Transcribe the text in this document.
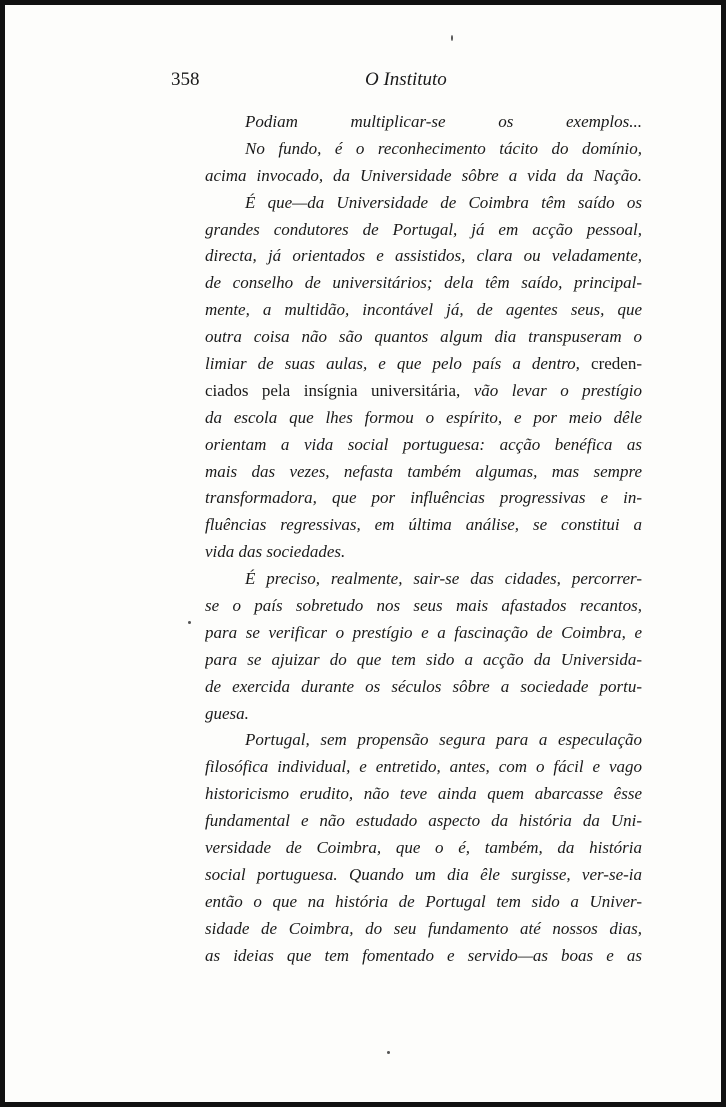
358	O Instituto
Podiam multiplicar-se os exemplos...
No fundo, é o reconhecimento tácito do domínio,
acima invocado, da Universidade sôbre a vida da Nação.
É que—da Universidade de Coimbra têm saído os
grandes condutores de Portugal, já em acção pessoal,
directa, já orientados e assistidos, clara ou veladamente,
de conselho de universitários; dela têm saído, principal-
mente, a multidão, incontável já, de agentes seus, que
outra coisa não são quantos algum dia transpuseram o
limiar de suas aulas, e que pelo país a dentro, creden-
ciados pela insígnia universitária, vão levar o prestígio
da escola que lhes formou o espírito, e por meio dêle
orientam a vida social portuguesa: acção benéfica as
mais das vezes, nefasta também algumas, mas sempre
transformadora, que por influências progressivas e in-
fluências regressivas, em última análise, se constitui a
vida das sociedades.
É preciso, realmente, sair-se das cidades, percorrer-
se o país sobretudo nos seus mais afastados recantos,
para se verificar o prestígio e a fascinação de Coimbra, e
para se ajuizar do que tem sido a acção da Universida-
de exercida durante os séculos sôbre a sociedade portu-
guesa.
Portugal, sem propensão segura para a especulação
filosófica individual, e entretido, antes, com o fácil e vago
historicismo erudito, não teve ainda quem abarcasse êsse
fundamental e não estudado aspecto da história da Uni-
versidade de Coimbra, que o é, também, da história
social portuguesa. Quando um dia êle surgisse, ver-se-ia
então o que na história de Portugal tem sido a Univer-
sidade de Coimbra, do seu fundamento até nossos dias,
as ideias que tem fomentado e servido—as boas e as
